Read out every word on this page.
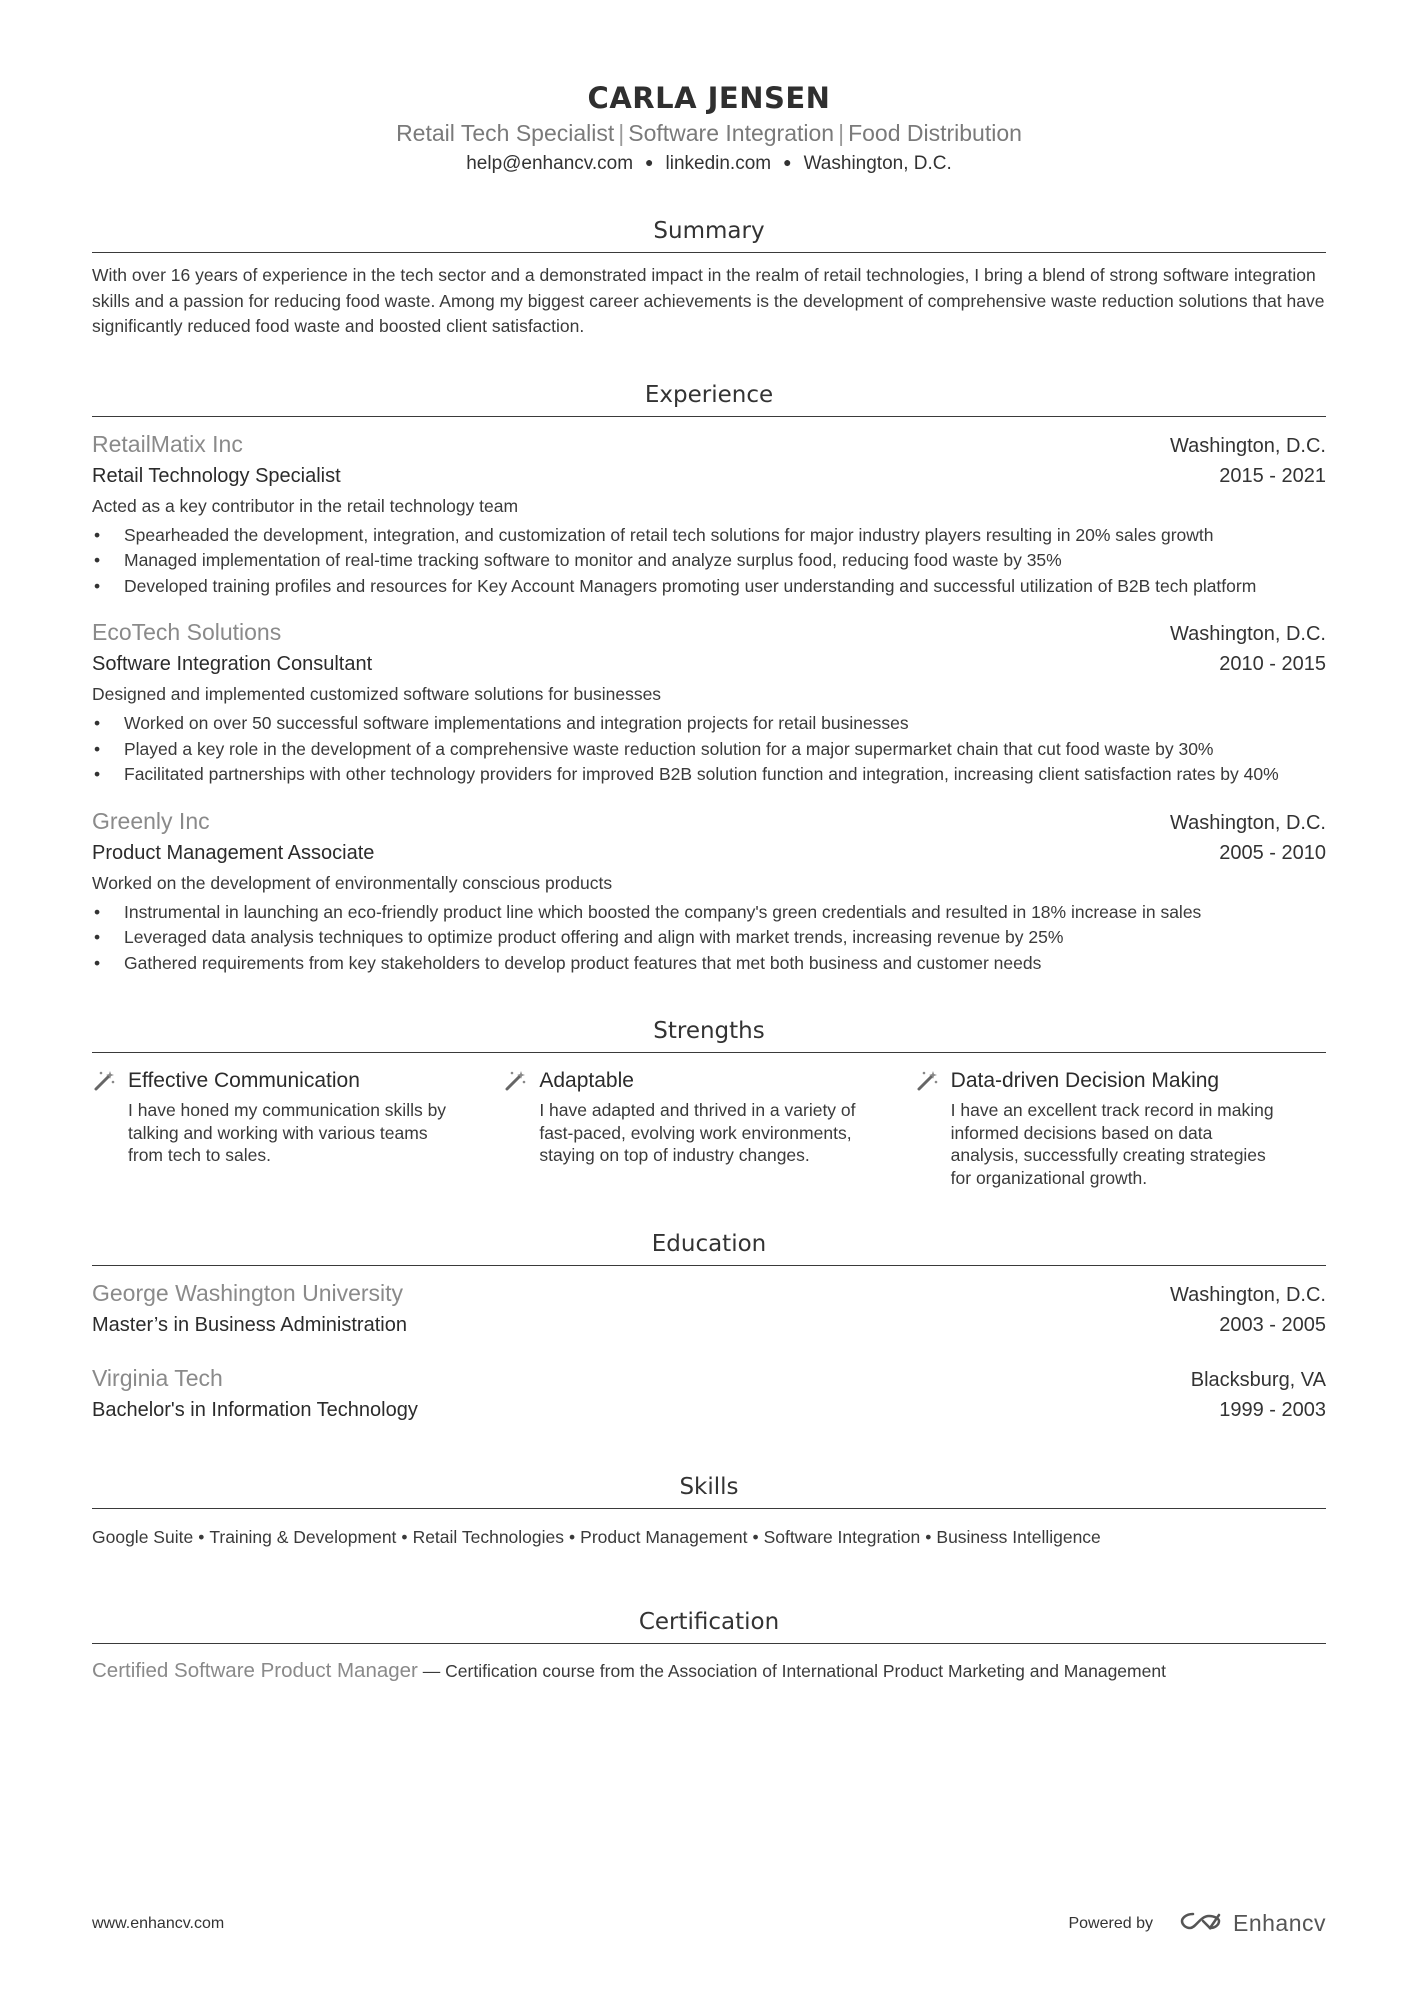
CARLA JENSEN
Retail Tech Specialist | Software Integration | Food Distribution
help@enhancv.com ● linkedin.com ● Washington, D.C.
Summary
With over 16 years of experience in the tech sector and a demonstrated impact in the realm of retail technologies, I bring a blend of strong software integration skills and a passion for reducing food waste. Among my biggest career achievements is the development of comprehensive waste reduction solutions that have significantly reduced food waste and boosted client satisfaction.
Experience
RetailMatix Inc	Washington, D.C.
Retail Technology Specialist	2015 - 2021
Acted as a key contributor in the retail technology team
• Spearheaded the development, integration, and customization of retail tech solutions for major industry players resulting in 20% sales growth
• Managed implementation of real-time tracking software to monitor and analyze surplus food, reducing food waste by 35%
• Developed training profiles and resources for Key Account Managers promoting user understanding and successful utilization of B2B tech platform
EcoTech Solutions	Washington, D.C.
Software Integration Consultant	2010 - 2015
Designed and implemented customized software solutions for businesses
• Worked on over 50 successful software implementations and integration projects for retail businesses
• Played a key role in the development of a comprehensive waste reduction solution for a major supermarket chain that cut food waste by 30%
• Facilitated partnerships with other technology providers for improved B2B solution function and integration, increasing client satisfaction rates by 40%
Greenly Inc	Washington, D.C.
Product Management Associate	2005 - 2010
Worked on the development of environmentally conscious products
• Instrumental in launching an eco-friendly product line which boosted the company's green credentials and resulted in 18% increase in sales
• Leveraged data analysis techniques to optimize product offering and align with market trends, increasing revenue by 25%
• Gathered requirements from key stakeholders to develop product features that met both business and customer needs
Strengths
Effective Communication
I have honed my communication skills by talking and working with various teams from tech to sales.
Adaptable
I have adapted and thrived in a variety of fast-paced, evolving work environments, staying on top of industry changes.
Data-driven Decision Making
I have an excellent track record in making informed decisions based on data analysis, successfully creating strategies for organizational growth.
Education
George Washington University	Washington, D.C.
Master’s in Business Administration	2003 - 2005
Virginia Tech	Blacksburg, VA
Bachelor's in Information Technology	1999 - 2003
Skills
Google Suite • Training & Development • Retail Technologies • Product Management • Software Integration • Business Intelligence
Certification
Certified Software Product Manager — Certification course from the Association of International Product Marketing and Management
www.enhancv.com	Powered by	Enhancv
